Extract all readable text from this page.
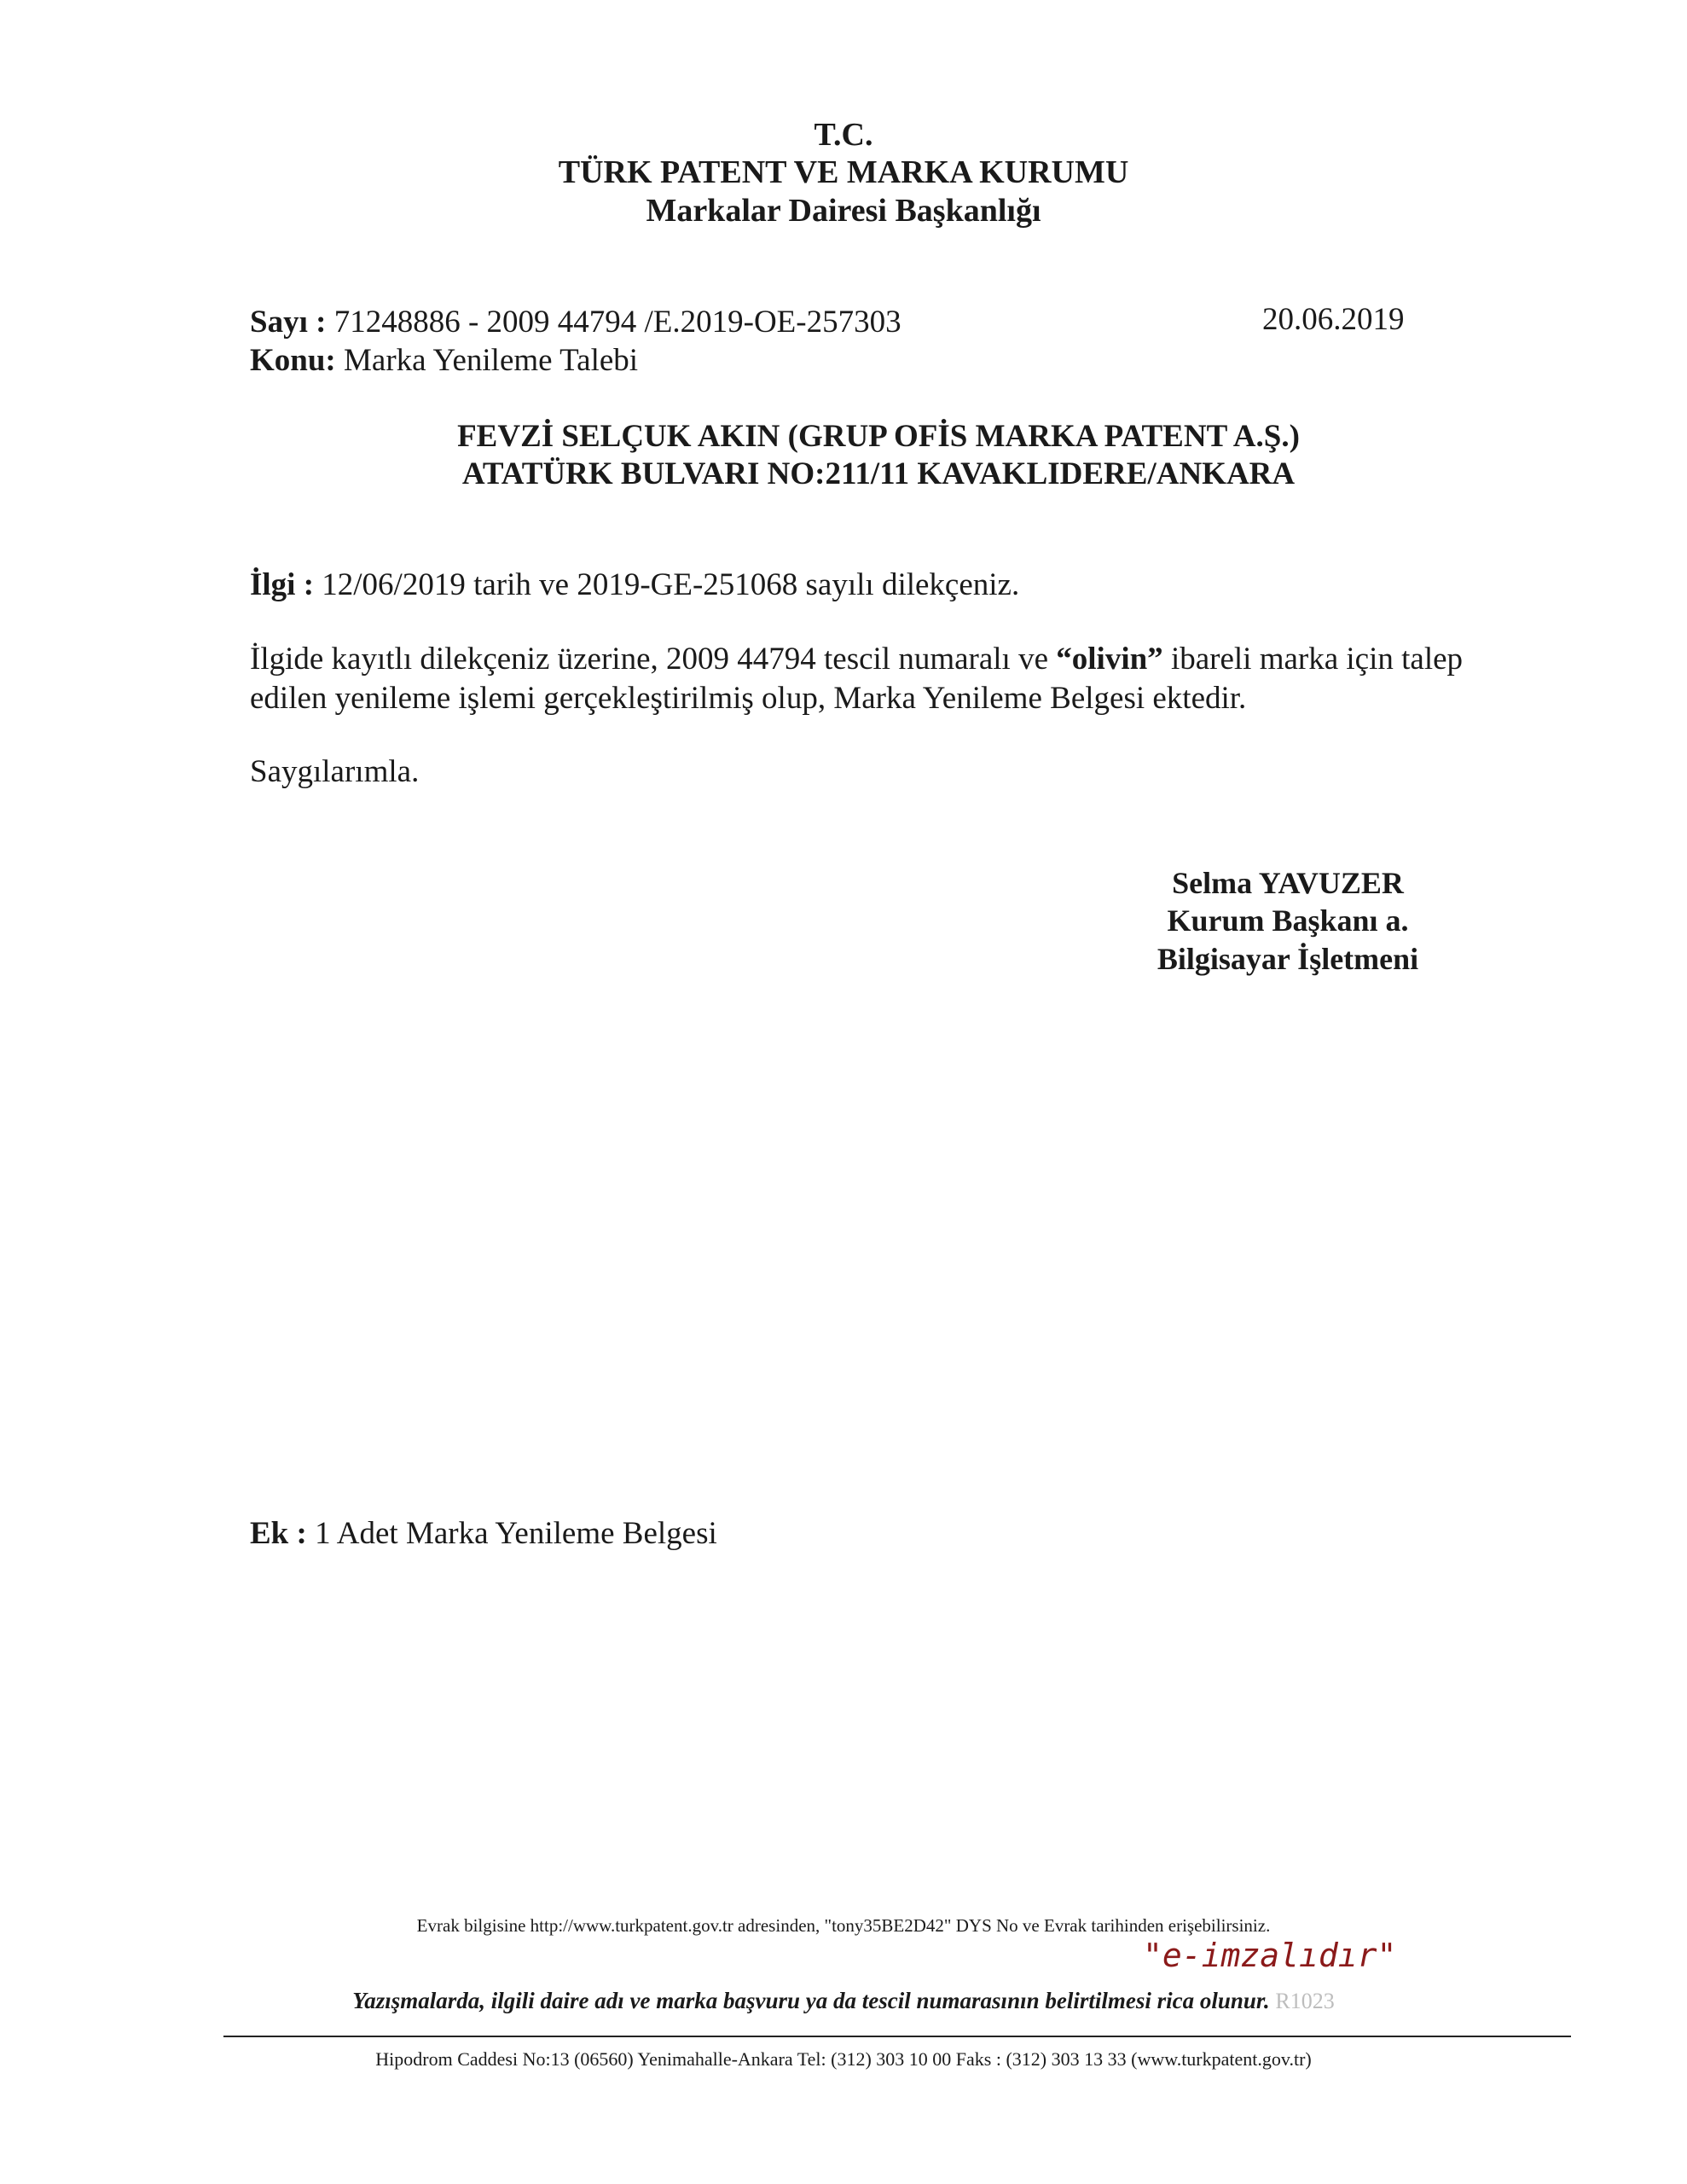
T.C.
TÜRK PATENT VE MARKA KURUMU
Markalar Dairesi Başkanlığı
Sayı : 71248886 - 2009 44794 /E.2019-OE-257303	20.06.2019
Konu: Marka Yenileme Talebi
FEVZİ SELÇUK AKIN (GRUP OFİS MARKA PATENT A.Ş.)
ATATÜRK BULVARI NO:211/11 KAVAKLIDERE/ANKARA
İlgi : 12/06/2019 tarih ve 2019-GE-251068 sayılı dilekçeniz.
İlgide kayıtlı dilekçeniz üzerine, 2009 44794 tescil numaralı ve “olivin” ibareli marka için talep
edilen yenileme işlemi gerçekleştirilmiş olup, Marka Yenileme Belgesi ektedir.
Saygılarımla.
Selma YAVUZER
Kurum Başkanı a.
Bilgisayar İşletmeni
Ek : 1 Adet Marka Yenileme Belgesi
Evrak bilgisine http://www.turkpatent.gov.tr adresinden, "tony35BE2D42" DYS No ve Evrak tarihinden erişebilirsiniz.
"e-imzalıdır"
Yazışmalarda, ilgili daire adı ve marka başvuru ya da tescil numarasının belirtilmesi rica olunur. R1023
Hipodrom Caddesi No:13 (06560) Yenimahalle-Ankara Tel: (312) 303 10 00 Faks : (312) 303 13 33 (www.turkpatent.gov.tr)
